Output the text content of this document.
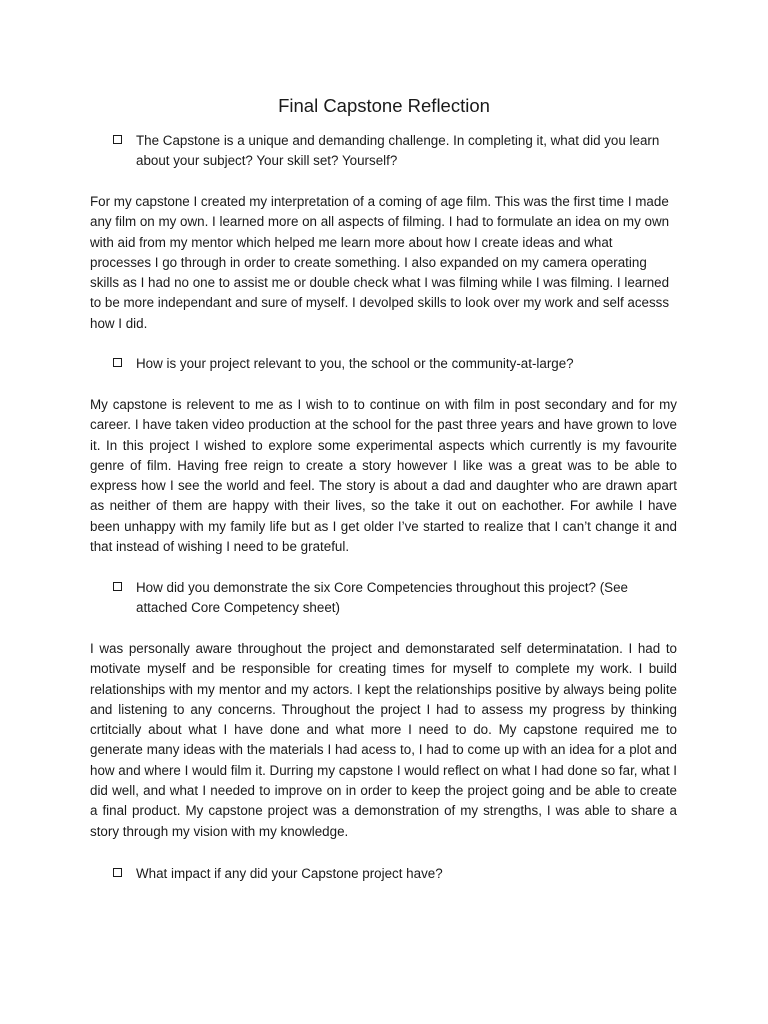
Final Capstone Reflection
The Capstone is a unique and demanding challenge. In completing it, what did you learn about your subject? Your skill set? Yourself?

For my capstone I created my interpretation of a coming of age film. This was the first time I made any film on my own. I learned more on all aspects of filming. I had to formulate an idea on my own with aid from my mentor which helped me learn more about how I create ideas and what processes I go through in order to create something. I also expanded on my camera operating skills as I had no one to assist me or double check what I was filming while I was filming. I learned to be more independant and sure of myself. I devolped skills to look over my work and self acesss how I did.

How is your project relevant to you, the school or the community-at-large?

My capstone is relevent to me as I wish to to continue on with film in post secondary and for my career. I have taken video production at the school for the past three years and have grown to love it. In this project I wished to explore some experimental aspects which currently is my favourite genre of film. Having free reign to create a story however I like was a great was to be able to express how I see the world and feel. The story is about a dad and daughter who are drawn apart as neither of them are happy with their lives, so the take it out on eachother. For awhile I have been unhappy with my family life but as I get older I’ve started to realize that I can’t change it and that instead of wishing I need to be grateful.

How did you demonstrate the six Core Competencies throughout this project? (See attached Core Competency sheet)

I was personally aware throughout the project and demonstarated self determinatation. I had to motivate myself and be responsible for creating times for myself to complete my work. I build relationships with my mentor and my actors. I kept the relationships positive by always being polite and listening to any concerns. Throughout the project I had to assess my progress by thinking crtitcially about what I have done and what more I need to do. My capstone required me to generate many ideas with the materials I had acess to, I had to come up with an idea for a plot and how and where I would film it. Durring my capstone I would reflect on what I had done so far, what I did well, and what I needed to improve on in order to keep the project going and be able to create a final product. My capstone project was a demonstration of my strengths, I was able to share a story through my vision with my knowledge.

What impact if any did your Capstone project have?
